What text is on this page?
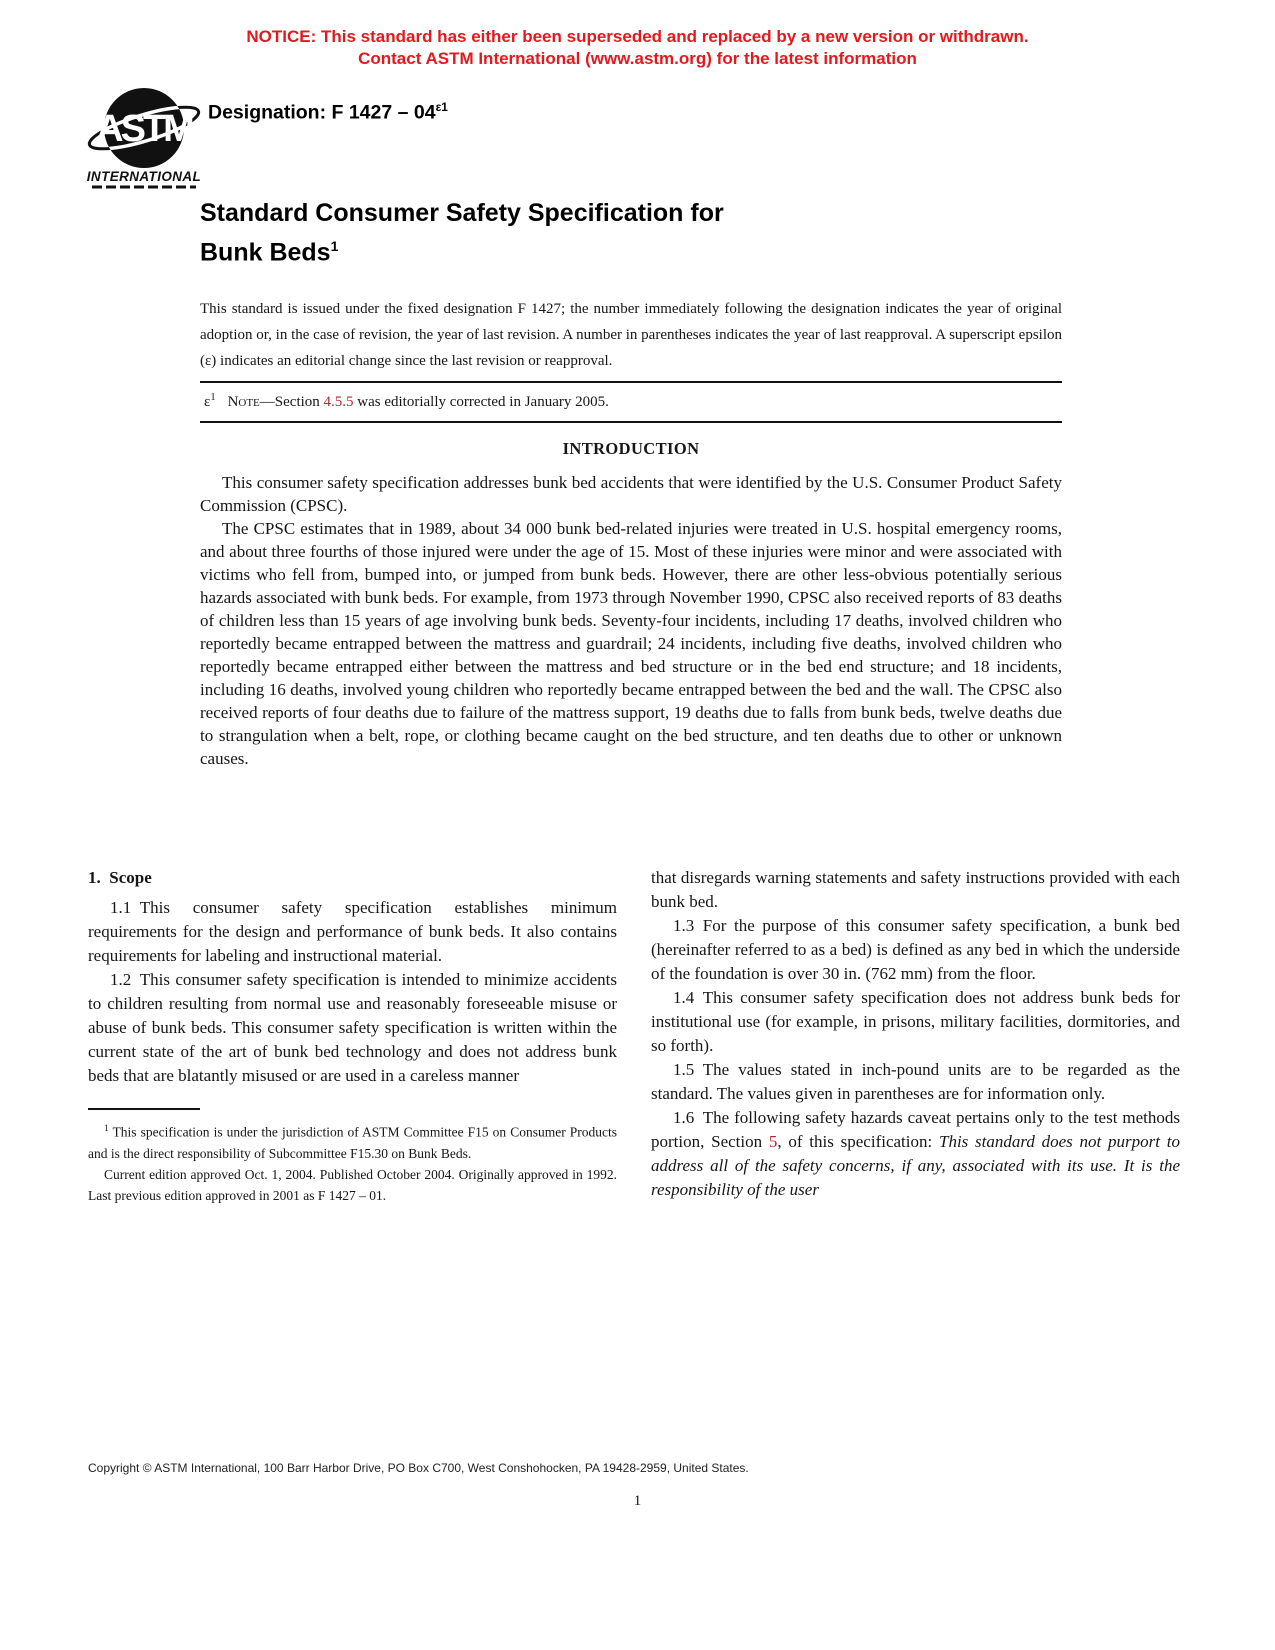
NOTICE: This standard has either been superseded and replaced by a new version or withdrawn.
Contact ASTM International (www.astm.org) for the latest information
ASTM
INTERNATIONAL
Designation: F $1427 - 04^{\varepsilon 1}$
Standard Consumer Safety Specification for
Bunk Beds$^1$
This standard is issued under the fixed designation F 1427; the number immediately following the designation indicates the year of original adoption or, in the case of revision, the year of last revision. A number in parentheses indicates the year of last reapproval. A superscript epsilon (ε) indicates an editorial change since the last revision or reapproval.
$\varepsilon^1$ Note—Section 4.5.5 was editorially corrected in January 2005.
INTRODUCTION

This consumer safety specification addresses bunk bed accidents that were identified by the U.S. Consumer Product Safety Commission (CPSC).

The CPSC estimates that in 1989, about 34 000 bunk bed-related injuries were treated in U.S. hospital emergency rooms, and about three fourths of those injured were under the age of 15. Most of these injuries were minor and were associated with victims who fell from, bumped into, or jumped from bunk beds. However, there are other less-obvious potentially serious hazards associated with bunk beds. For example, from 1973 through November 1990, CPSC also received reports of 83 deaths of children less than 15 years of age involving bunk beds. Seventy-four incidents, including 17 deaths, involved children who reportedly became entrapped between the mattress and guardrail; 24 incidents, including five deaths, involved children who reportedly became entrapped either between the mattress and bed structure or in the bed end structure; and 18 incidents, including 16 deaths, involved young children who reportedly became entrapped between the bed and the wall. The CPSC also received reports of four deaths due to failure of the mattress support, 19 deaths due to falls from bunk beds, twelve deaths due to strangulation when a belt, rope, or clothing became caught on the bed structure, and ten deaths due to other or unknown causes.

1.  Scope

1.1 This consumer safety specification establishes minimum requirements for the design and performance of bunk beds. It also contains requirements for labeling and instructional material.

1.2 This consumer safety specification is intended to minimize accidents to children resulting from normal use and reasonably foreseeable misuse or abuse of bunk beds. This consumer safety specification is written within the current state of the art of bunk bed technology and does not address bunk beds that are blatantly misused or are used in a careless manner

$^1$ This specification is under the jurisdiction of ASTM Committee F15 on Consumer Products and is the direct responsibility of Subcommittee F15.30 on Bunk Beds.

Current edition approved Oct. 1, 2004. Published October 2004. Originally approved in 1992. Last previous edition approved in 2001 as F 1427 – 01.

that disregards warning statements and safety instructions provided with each bunk bed.

1.3 For the purpose of this consumer safety specification, a bunk bed (hereinafter referred to as a bed) is defined as any bed in which the underside of the foundation is over 30 in. (762 mm) from the floor.

1.4 This consumer safety specification does not address bunk beds for institutional use (for example, in prisons, military facilities, dormitories, and so forth).

1.5 The values stated in inch-pound units are to be regarded as the standard. The values given in parentheses are for information only.

1.6 The following safety hazards caveat pertains only to the test methods portion, Section 5, of this specification: This standard does not purport to address all of the safety concerns, if any, associated with its use. It is the responsibility of the user

Copyright © ASTM International, 100 Barr Harbor Drive, PO Box C700, West Conshohocken, PA 19428-2959, United States.
1
